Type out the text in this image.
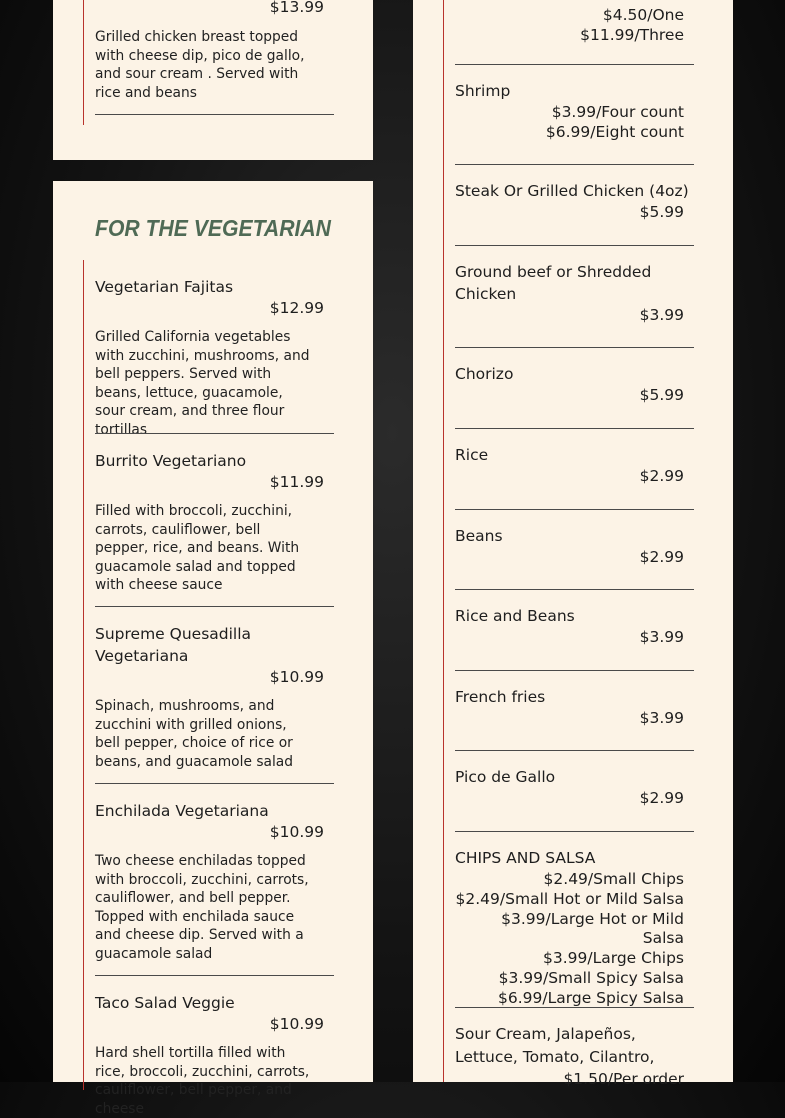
$13.99
Grilled chicken breast topped with cheese dip, pico de gallo, and sour cream . Served with rice and beans
FOR THE VEGETARIAN
Vegetarian Fajitas
$12.99
Grilled California vegetables with zucchini, mushrooms, and bell peppers. Served with beans, lettuce, guacamole, sour cream, and three flour tortillas
Burrito Vegetariano
$11.99
Filled with broccoli, zucchini, carrots, cauliflower, bell pepper, rice, and beans. With guacamole salad and topped with cheese sauce
Supreme Quesadilla Vegetariana
$10.99
Spinach, mushrooms, and zucchini with grilled onions, bell pepper, choice of rice or beans, and guacamole salad
Enchilada Vegetariana
$10.99
Two cheese enchiladas topped with broccoli, zucchini, carrots, cauliflower, and bell pepper. Topped with enchilada sauce and cheese dip. Served with a guacamole salad
Taco Salad Veggie
$10.99
Hard shell tortilla filled with rice, broccoli, zucchini, carrots, cauliflower, bell pepper, and cheese
$4.50/One
$11.99/Three
Shrimp
$3.99/Four count
$6.99/Eight count
Steak Or Grilled Chicken (4oz)
$5.99
Ground beef or Shredded Chicken
$3.99
Chorizo
$5.99
Rice
$2.99
Beans
$2.99
Rice and Beans
$3.99
French fries
$3.99
Pico de Gallo
$2.99
CHIPS AND SALSA
$2.49/Small Chips
$2.49/Small Hot or Mild Salsa
$3.99/Large Hot or Mild Salsa
$3.99/Large Chips
$3.99/Small Spicy Salsa
$6.99/Large Spicy Salsa
Sour Cream, Jalapeños, Lettuce, Tomato, Cilantro,
$1.50/Per order
